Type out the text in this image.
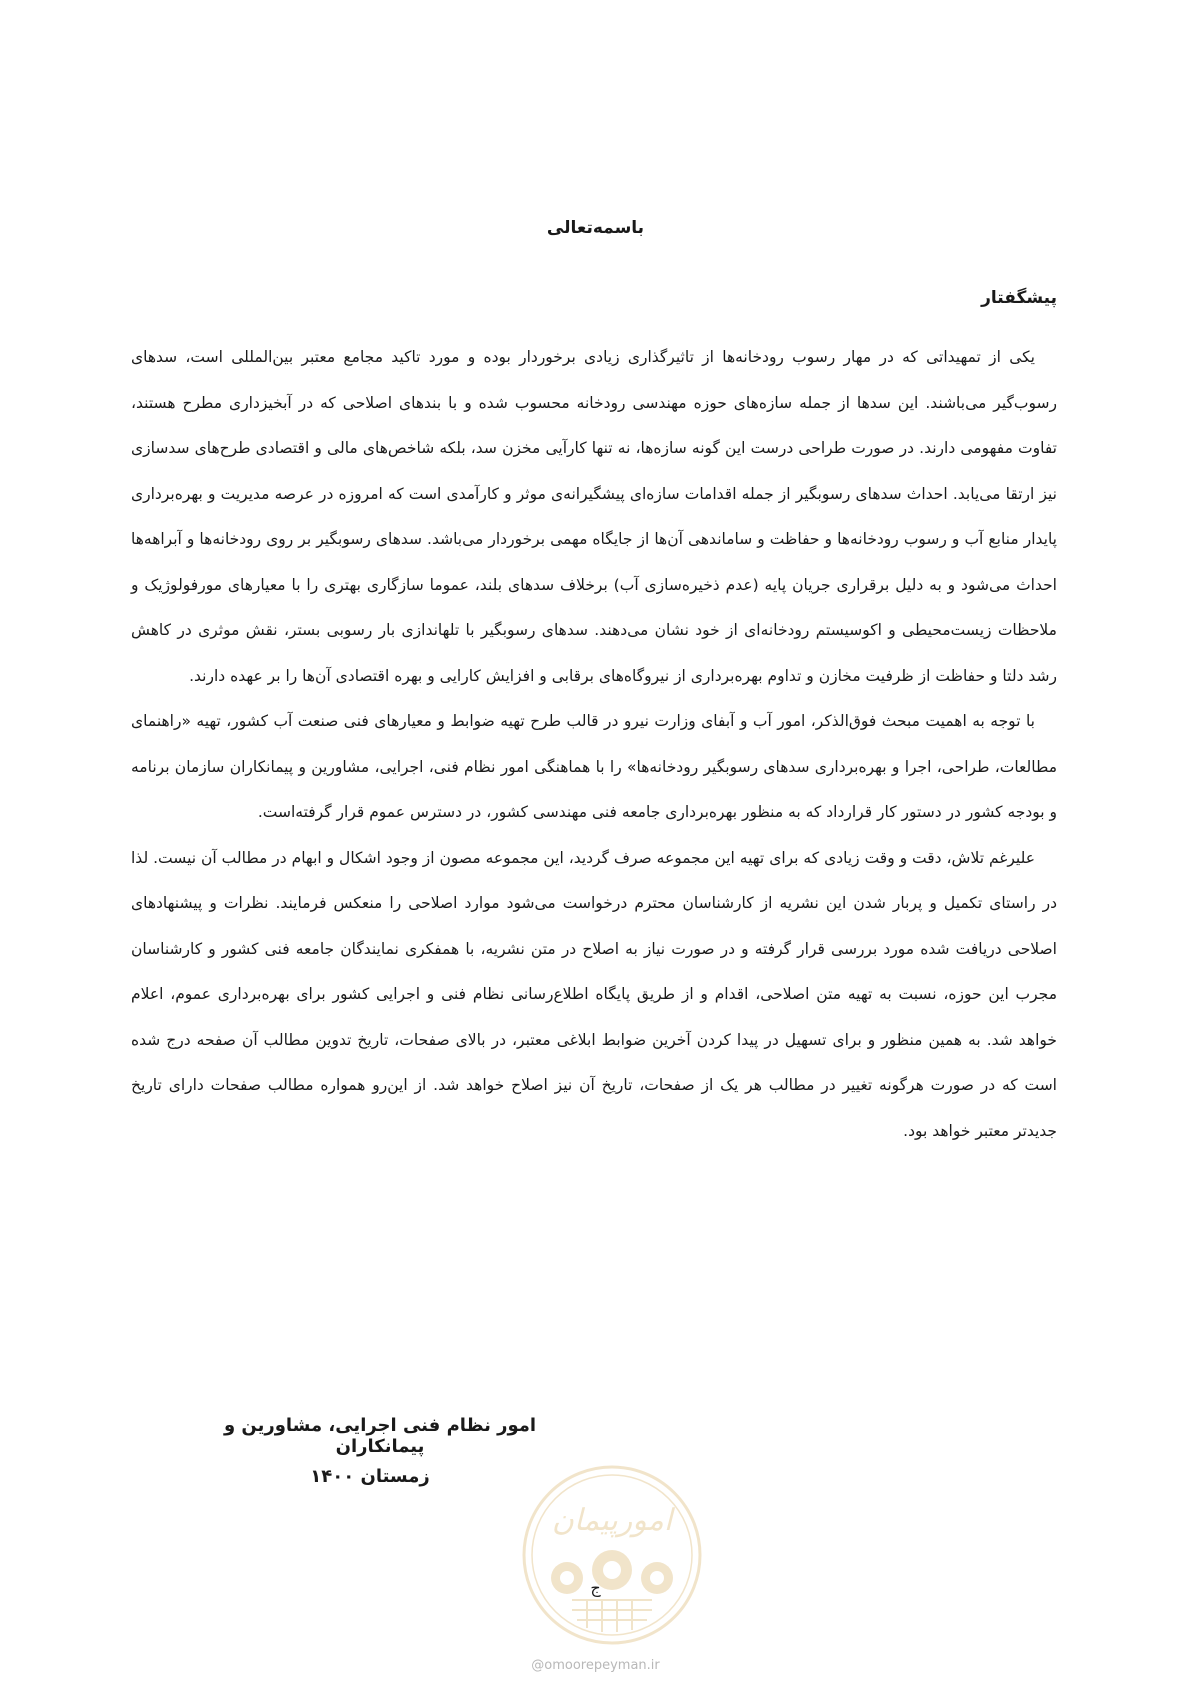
باسمه‌تعالی
پیشگفتار

یکی از تمهیداتی که در مهار رسوب رودخانه‌ها از تاثیرگذاری زیادی برخوردار بوده و مورد تاکید مجامع معتبر بین‌المللی است، سدهای رسوب‌گیر می‌باشند. این سدها از جمله سازه‌های حوزه مهندسی رودخانه محسوب شده و با بندهای اصلاحی که در آبخیزداری مطرح هستند، تفاوت مفهومی دارند. در صورت طراحی درست این گونه سازه‌ها، نه تنها کارآیی مخزن سد، بلکه شاخص‌های مالی و اقتصادی طرح‌های سدسازی نیز ارتقا می‌یابد. احداث سدهای رسوبگیر از جمله اقدامات سازه‌ای پیشگیرانه‌ی موثر و کارآمدی است که امروزه در عرصه مدیریت و بهره‌برداری پایدار منابع آب و رسوب رودخانه‌ها و حفاظت و ساماندهی آن‌ها از جایگاه مهمی برخوردار می‌باشد. سدهای رسوبگیر بر روی رودخانه‌ها و آبراهه‌ها احداث می‌شود و به دلیل برقراری جریان پایه (عدم ذخیره‌سازی آب) برخلاف سدهای بلند، عموما سازگاری بهتری را با معیارهای مورفولوژیک و ملاحظات زیست‌محیطی و اکوسیستم رودخانه‌ای از خود نشان می‌دهند. سدهای رسوبگیر با تلهاندازی بار رسوبی بستر، نقش موثری در کاهش رشد دلتا و حفاظت از ظرفیت مخازن و تداوم بهره‌برداری از نیروگاه‌های برقابی و افزایش کارایی و بهره اقتصادی آن‌ها را بر عهده دارند.

با توجه به اهمیت مبحث فوق‌الذکر، امور آب و آبفای وزارت نیرو در قالب طرح تهیه ضوابط و معیارهای فنی صنعت آب کشور، تهیه «راهنمای مطالعات، طراحی، اجرا و بهره‌برداری سدهای رسوبگیر رودخانه‌ها» را با هماهنگی امور نظام فنی، اجرایی، مشاورین و پیمانکاران سازمان برنامه و بودجه کشور در دستور کار قرارداد که به منظور بهره‌برداری جامعه فنی مهندسی کشور، در دسترس عموم قرار گرفته‌است.

علیرغم تلاش، دقت و وقت زیادی که برای تهیه این مجموعه صرف گردید، این مجموعه مصون از وجود اشکال و ابهام در مطالب آن نیست. لذا در راستای تکمیل و پربار شدن این نشریه از کارشناسان محترم درخواست می‌شود موارد اصلاحی را منعکس فرمایند. نظرات و پیشنهادهای اصلاحی دریافت شده مورد بررسی قرار گرفته و در صورت نیاز به اصلاح در متن نشریه، با همفکری نمایندگان جامعه فنی کشور و کارشناسان مجرب این حوزه، نسبت به تهیه متن اصلاحی، اقدام و از طریق پایگاه اطلاع‌رسانی نظام فنی و اجرایی کشور برای بهره‌برداری عموم، اعلام خواهد شد. به همین منظور و برای تسهیل در پیدا کردن آخرین ضوابط ابلاغی معتبر، در بالای صفحات، تاریخ تدوین مطالب آن صفحه درج شده است که در صورت هرگونه تغییر در مطالب هر یک از صفحات، تاریخ آن نیز اصلاح خواهد شد. از این‌رو همواره مطالب صفحات دارای تاریخ جدیدتر معتبر خواهد بود.

امور نظام فنی اجرایی، مشاورین و پیمانکاران
زمستان ۱۴۰۰
امورپیمان
ج
@omoorepeyman.ir
